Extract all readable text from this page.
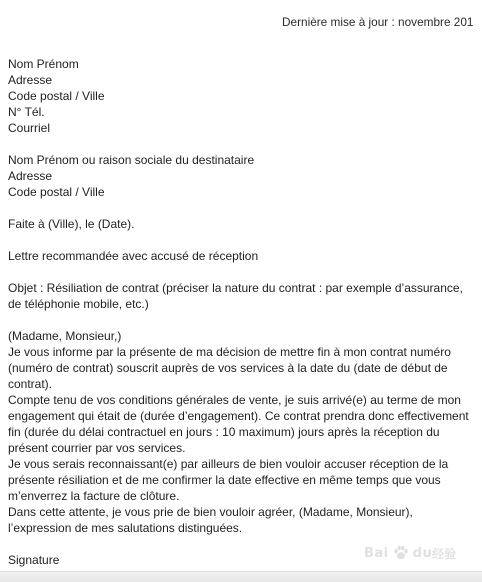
Dernière mise à jour : novembre 201
Nom Prénom
Adresse
Code postal / Ville
N° Tél.
Courriel
Nom Prénom ou raison sociale du destinataire
Adresse
Code postal / Ville
Faite à (Ville), le (Date).
Lettre recommandée avec accusé de réception
Objet : Résiliation de contrat (préciser la nature du contrat : par exemple d’assurance, de téléphonie mobile, etc.)
(Madame, Monsieur,)
Je vous informe par la présente de ma décision de mettre fin à mon contrat numéro (numéro de contrat) souscrit auprès de vos services à la date du (date de début de contrat).
Compte tenu de vos conditions générales de vente, je suis arrivé(e) au terme de mon engagement qui était de (durée d’engagement). Ce contrat prendra donc effectivement fin (durée du délai contractuel en jours : 10 maximum) jours après la réception du présent courrier par vos services.
Je vous serais reconnaissant(e) par ailleurs de bien vouloir accuser réception de la présente résiliation et de me confirmer la date effective en même temps que vous m’enverrez la facture de clôture.
Dans cette attente, je vous prie de bien vouloir agréer, (Madame, Monsieur), l’expression de mes salutations distinguées.
Signature	Bai du 经验
